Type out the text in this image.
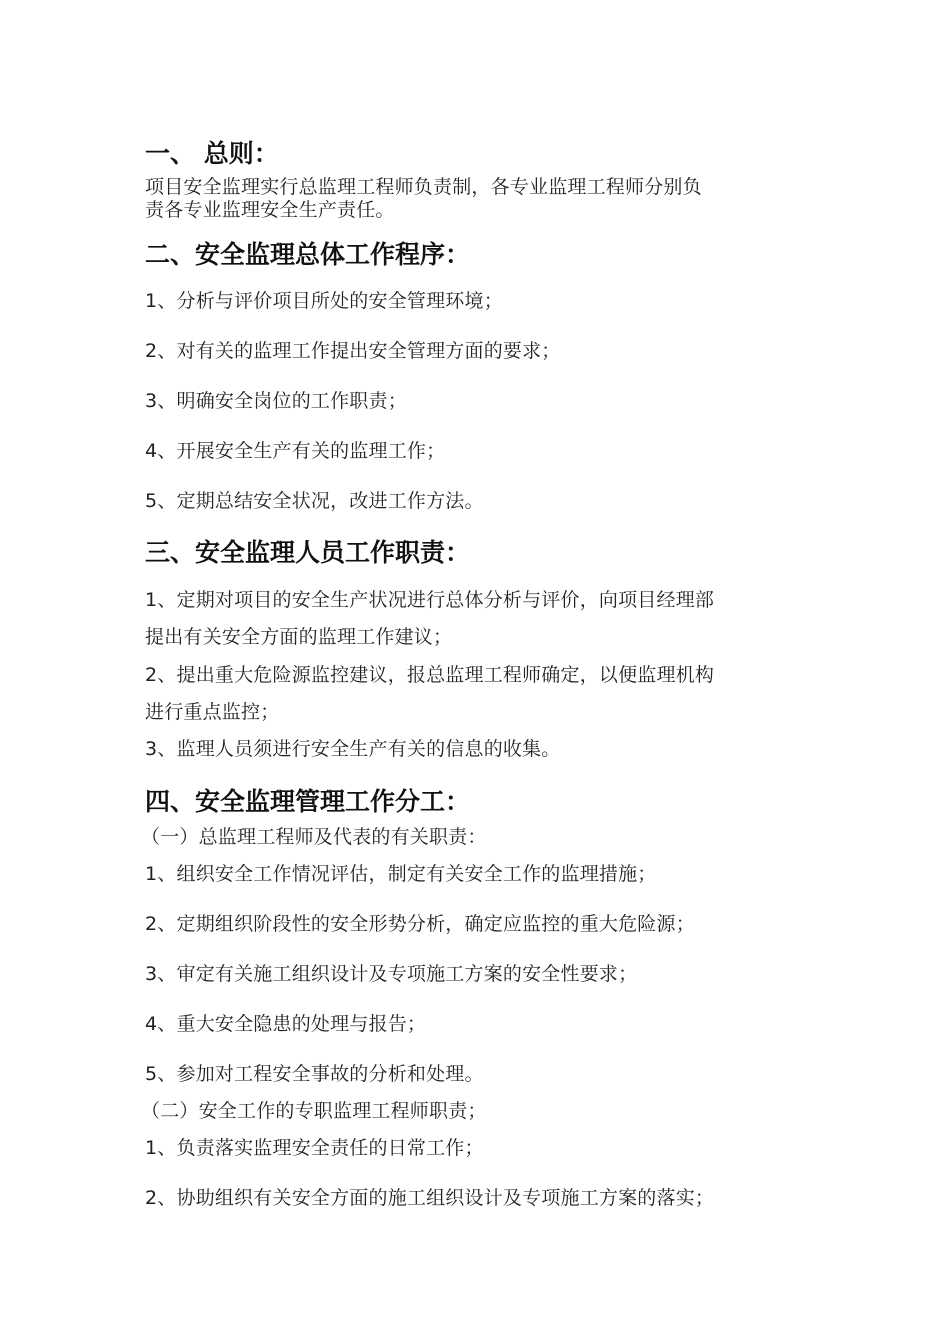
一、 总则：
项目安全监理实行总监理工程师负责制，各专业监理工程师分别负
责各专业监理安全生产责任。
二、安全监理总体工作程序：
1、分析与评价项目所处的安全管理环境；
2、对有关的监理工作提出安全管理方面的要求；
3、明确安全岗位的工作职责；
4、开展安全生产有关的监理工作；
5、定期总结安全状况，改进工作方法。
三、安全监理人员工作职责：
1、定期对项目的安全生产状况进行总体分析与评价，向项目经理部
提出有关安全方面的监理工作建议；
2、提出重大危险源监控建议，报总监理工程师确定，以便监理机构
进行重点监控；
3、监理人员须进行安全生产有关的信息的收集。
四、安全监理管理工作分工：
（一）总监理工程师及代表的有关职责：
1、组织安全工作情况评估，制定有关安全工作的监理措施；
2、定期组织阶段性的安全形势分析，确定应监控的重大危险源；
3、审定有关施工组织设计及专项施工方案的安全性要求；
4、重大安全隐患的处理与报告；
5、参加对工程安全事故的分析和处理。
（二）安全工作的专职监理工程师职责；
1、负责落实监理安全责任的日常工作；
2、协助组织有关安全方面的施工组织设计及专项施工方案的落实；
